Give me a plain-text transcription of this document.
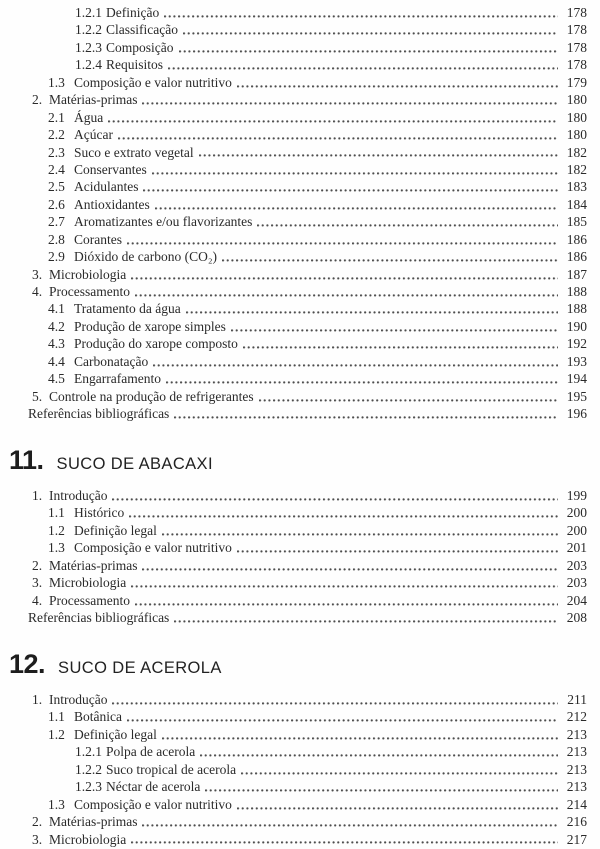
1.2.1 Definição	178
1.2.2 Classificação	178
1.2.3 Composição	178
1.2.4 Requisitos	178
1.3 Composição e valor nutritivo	179
2. Matérias-primas	180
2.1 Água	180
2.2 Açúcar	180
2.3 Suco e extrato vegetal	182
2.4 Conservantes	182
2.5 Acidulantes	183
2.6 Antioxidantes	184
2.7 Aromatizantes e/ou flavorizantes	185
2.8 Corantes	186
2.9 Dióxido de carbono (CO₂)	186
3. Microbiologia	187
4. Processamento	188
4.1 Tratamento da água	188
4.2 Produção de xarope simples	190
4.3 Produção do xarope composto	192
4.4 Carbonatação	193
4.5 Engarrafamento	194
5. Controle na produção de refrigerantes	195
Referências bibliográficas	196
11. SUCO DE ABACAXI
1. Introdução	199
1.1 Histórico	200
1.2 Definição legal	200
1.3 Composição e valor nutritivo	201
2. Matérias-primas	203
3. Microbiologia	203
4. Processamento	204
Referências bibliográficas	208
12. SUCO DE ACEROLA
1. Introdução	211
1.1 Botânica	212
1.2 Definição legal	213
1.2.1 Polpa de acerola	213
1.2.2 Suco tropical de acerola	213
1.2.3 Néctar de acerola	213
1.3 Composição e valor nutritivo	214
2. Matérias-primas	216
3. Microbiologia	217
